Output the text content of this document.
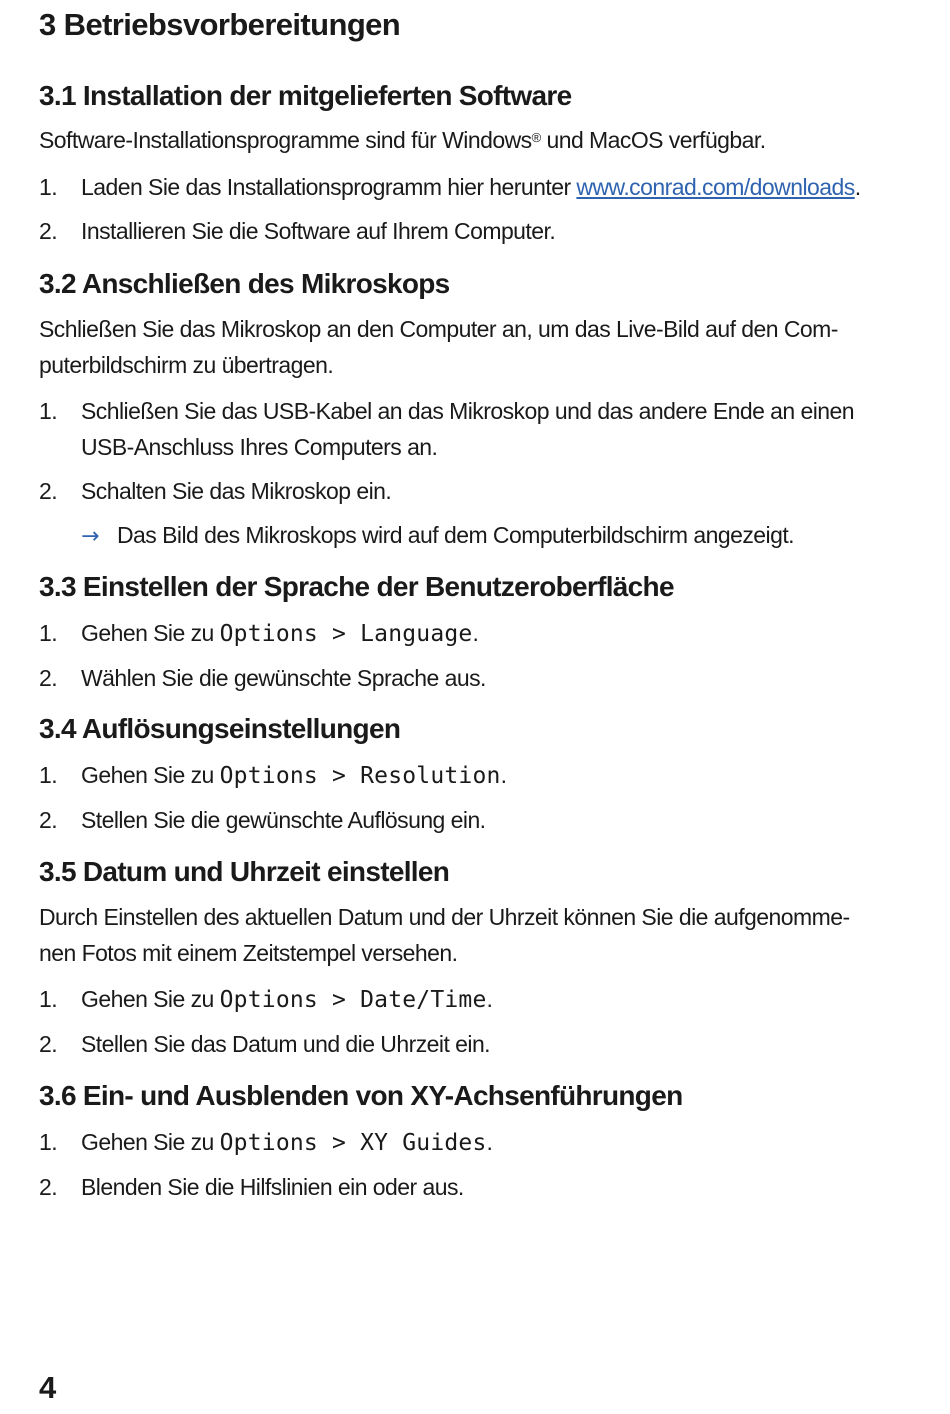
3 Betriebsvorbereitungen
3.1 Installation der mitgelieferten Software

Software-Installationsprogramme sind für Windows® und MacOS verfügbar.

1.	Laden Sie das Installationsprogramm hier herunter www.conrad.com/downloads.
2.	Installieren Sie die Software auf Ihrem Computer.
3.2 Anschließen des Mikroskops

Schließen Sie das Mikroskop an den Computer an, um das Live-Bild auf den Com-
puterbildschirm zu übertragen.

1.	Schließen Sie das USB-Kabel an das Mikroskop und das andere Ende an einen
USB-Anschluss Ihres Computers an.
2.	Schalten Sie das Mikroskop ein.
→ Das Bild des Mikroskops wird auf dem Computerbildschirm angezeigt.
3.3 Einstellen der Sprache der Benutzeroberfläche
1.	Gehen Sie zu Options > Language.
2.	Wählen Sie die gewünschte Sprache aus.
3.4 Auflösungseinstellungen
1.	Gehen Sie zu Options > Resolution.
2.	Stellen Sie die gewünschte Auflösung ein.
3.5 Datum und Uhrzeit einstellen

Durch Einstellen des aktuellen Datum und der Uhrzeit können Sie die aufgenomme-
nen Fotos mit einem Zeitstempel versehen.

1.	Gehen Sie zu Options > Date/Time.
2.	Stellen Sie das Datum und die Uhrzeit ein.
3.6 Ein- und Ausblenden von XY-Achsenführungen
1.	Gehen Sie zu Options > XY Guides.
2.	Blenden Sie die Hilfslinien ein oder aus.

4
